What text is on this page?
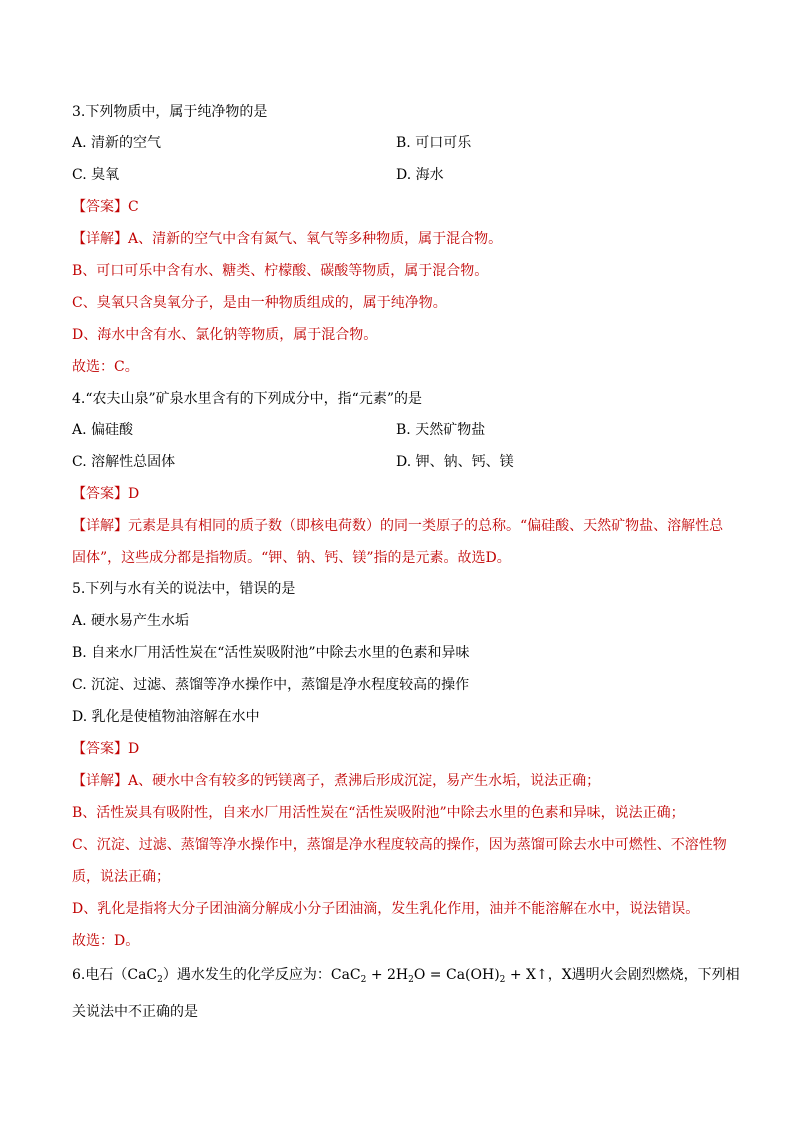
3.下列物质中，属于纯净物的是
A. 清新的空气	B. 可口可乐
C. 臭氧	D. 海水
【答案】C
【详解】A、清新的空气中含有氮气、氧气等多种物质，属于混合物。
B、可口可乐中含有水、糖类、柠檬酸、碳酸等物质，属于混合物。
C、臭氧只含臭氧分子，是由一种物质组成的，属于纯净物。
D、海水中含有水、氯化钠等物质，属于混合物。
故选：C。
4.“农夫山泉”矿泉水里含有的下列成分中，指“元素”的是
A. 偏硅酸	B. 天然矿物盐
C. 溶解性总固体	D. 钾、钠、钙、镁
【答案】D
【详解】元素是具有相同的质子数（即核电荷数）的同一类原子的总称。“偏硅酸、天然矿物盐、溶解性总
固体”，这些成分都是指物质。“钾、钠、钙、镁”指的是元素。故选D。
5.下列与水有关的说法中，错误的是
A. 硬水易产生水垢
B. 自来水厂用活性炭在“活性炭吸附池”中除去水里的色素和异味
C. 沉淀、过滤、蒸馏等净水操作中，蒸馏是净水程度较高的操作
D. 乳化是使植物油溶解在水中
【答案】D
【详解】A、硬水中含有较多的钙镁离子，煮沸后形成沉淀，易产生水垢，说法正确；
B、活性炭具有吸附性，自来水厂用活性炭在“活性炭吸附池”中除去水里的色素和异味，说法正确；
C、沉淀、过滤、蒸馏等净水操作中，蒸馏是净水程度较高的操作，因为蒸馏可除去水中可燃性、不溶性物
质，说法正确；
D、乳化是指将大分子团油滴分解成小分子团油滴，发生乳化作用，油并不能溶解在水中，说法错误。
故选：D。
6.电石（CaC$_2$）遇水发生的化学反应为：$CaC_2 + 2H_2O = Ca(OH)_2$ + X↑，X遇明火会剧烈燃烧，下列相
关说法中不正确的是
